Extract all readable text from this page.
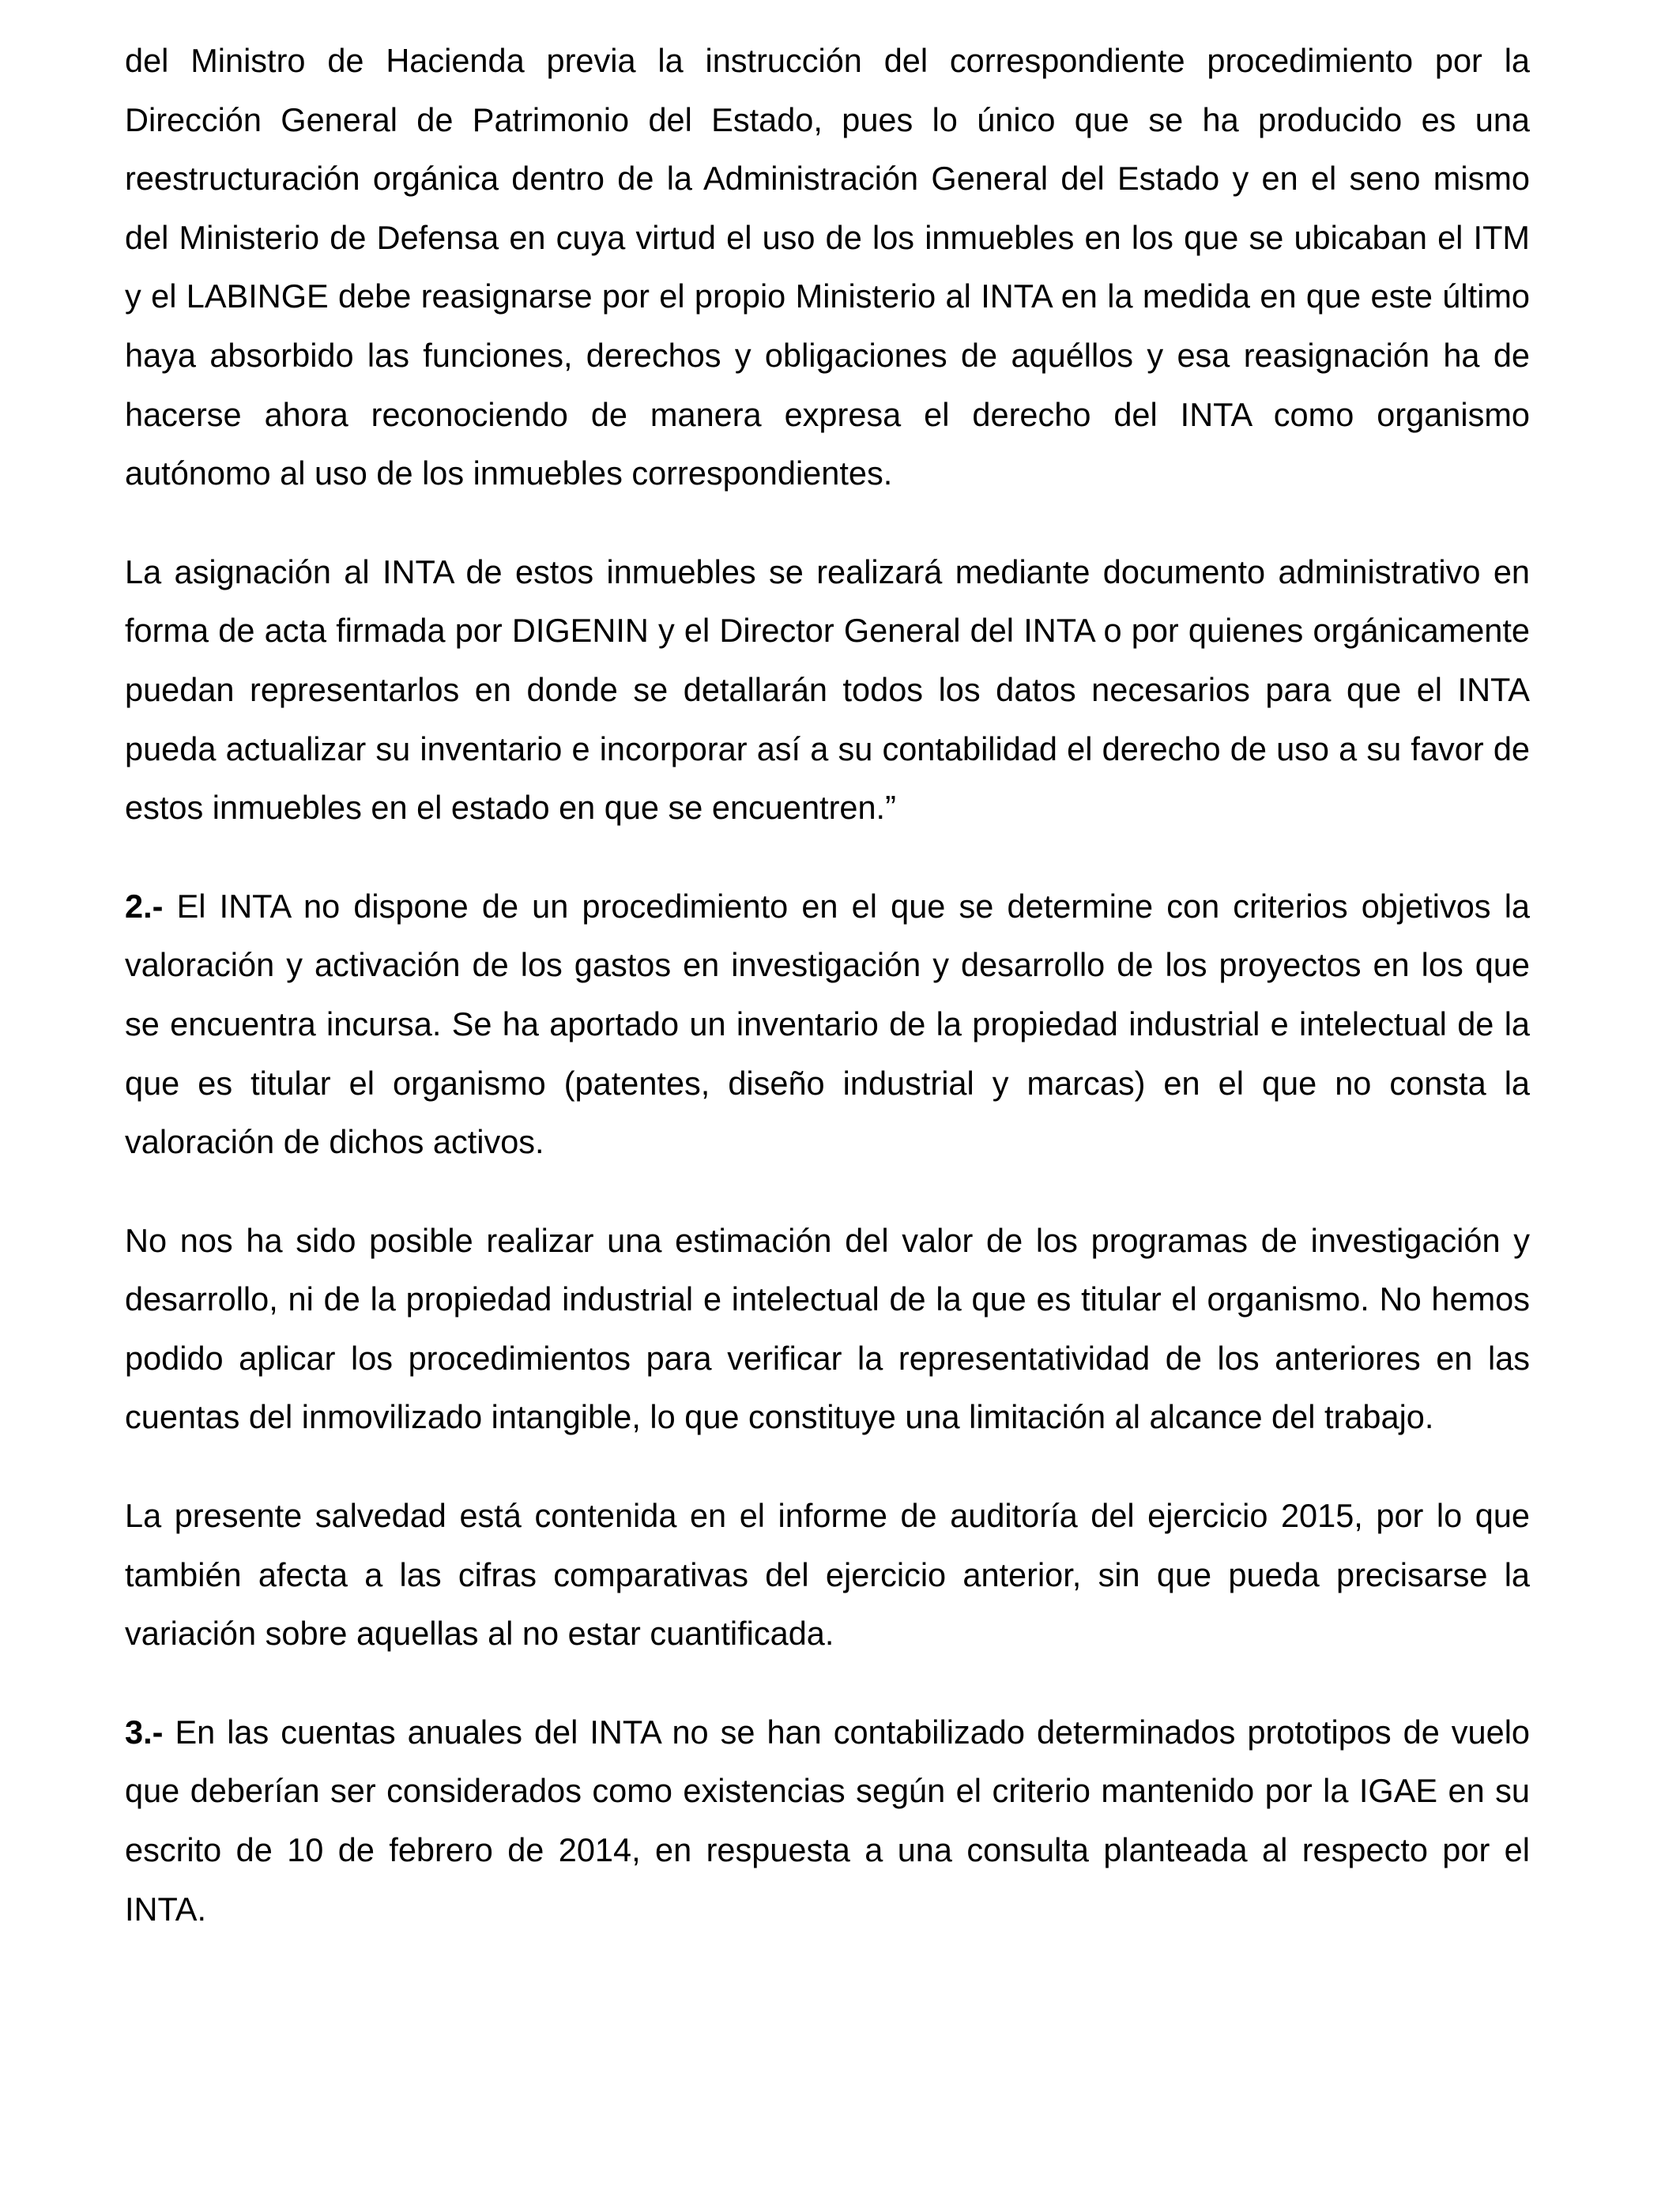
del Ministro de Hacienda previa la instrucción del correspondiente procedimiento por la Dirección General de Patrimonio del Estado, pues lo único que se ha producido es una reestructuración orgánica dentro de la Administración General del Estado y en el seno mismo del Ministerio de Defensa en cuya virtud el uso de los inmuebles en los que se ubicaban el ITM y el LABINGE debe reasignarse por el propio Ministerio al INTA en la medida en que este último haya absorbido las funciones, derechos y obligaciones de aquéllos y esa reasignación ha de hacerse ahora reconociendo de manera expresa el derecho del INTA como organismo autónomo al uso de los inmuebles correspondientes.

La asignación al INTA de estos inmuebles se realizará mediante documento administrativo en forma de acta firmada por DIGENIN y el Director General del INTA o por quienes orgánicamente puedan representarlos en donde se detallarán todos los datos necesarios para que el INTA pueda actualizar su inventario e incorporar así a su contabilidad el derecho de uso a su favor de estos inmuebles en el estado en que se encuentren.”

2.- El INTA no dispone de un procedimiento en el que se determine con criterios objetivos la valoración y activación de los gastos en investigación y desarrollo de los proyectos en los que se encuentra incursa. Se ha aportado un inventario de la propiedad industrial e intelectual de la que es titular el organismo (patentes, diseño industrial y marcas) en el que no consta la valoración de dichos activos.

No nos ha sido posible realizar una estimación del valor de los programas de investigación y desarrollo, ni de la propiedad industrial e intelectual de la que es titular el organismo. No hemos podido aplicar los procedimientos para verificar la representatividad de los anteriores en las cuentas del inmovilizado intangible, lo que constituye una limitación al alcance del trabajo.

La presente salvedad está contenida en el informe de auditoría del ejercicio 2015, por lo que también afecta a las cifras comparativas del ejercicio anterior, sin que pueda precisarse la variación sobre aquellas al no estar cuantificada.

3.- En las cuentas anuales del INTA no se han contabilizado determinados prototipos de vuelo que deberían ser considerados como existencias según el criterio mantenido por la IGAE en su escrito de 10 de febrero de 2014, en respuesta a una consulta planteada al respecto por el INTA.
